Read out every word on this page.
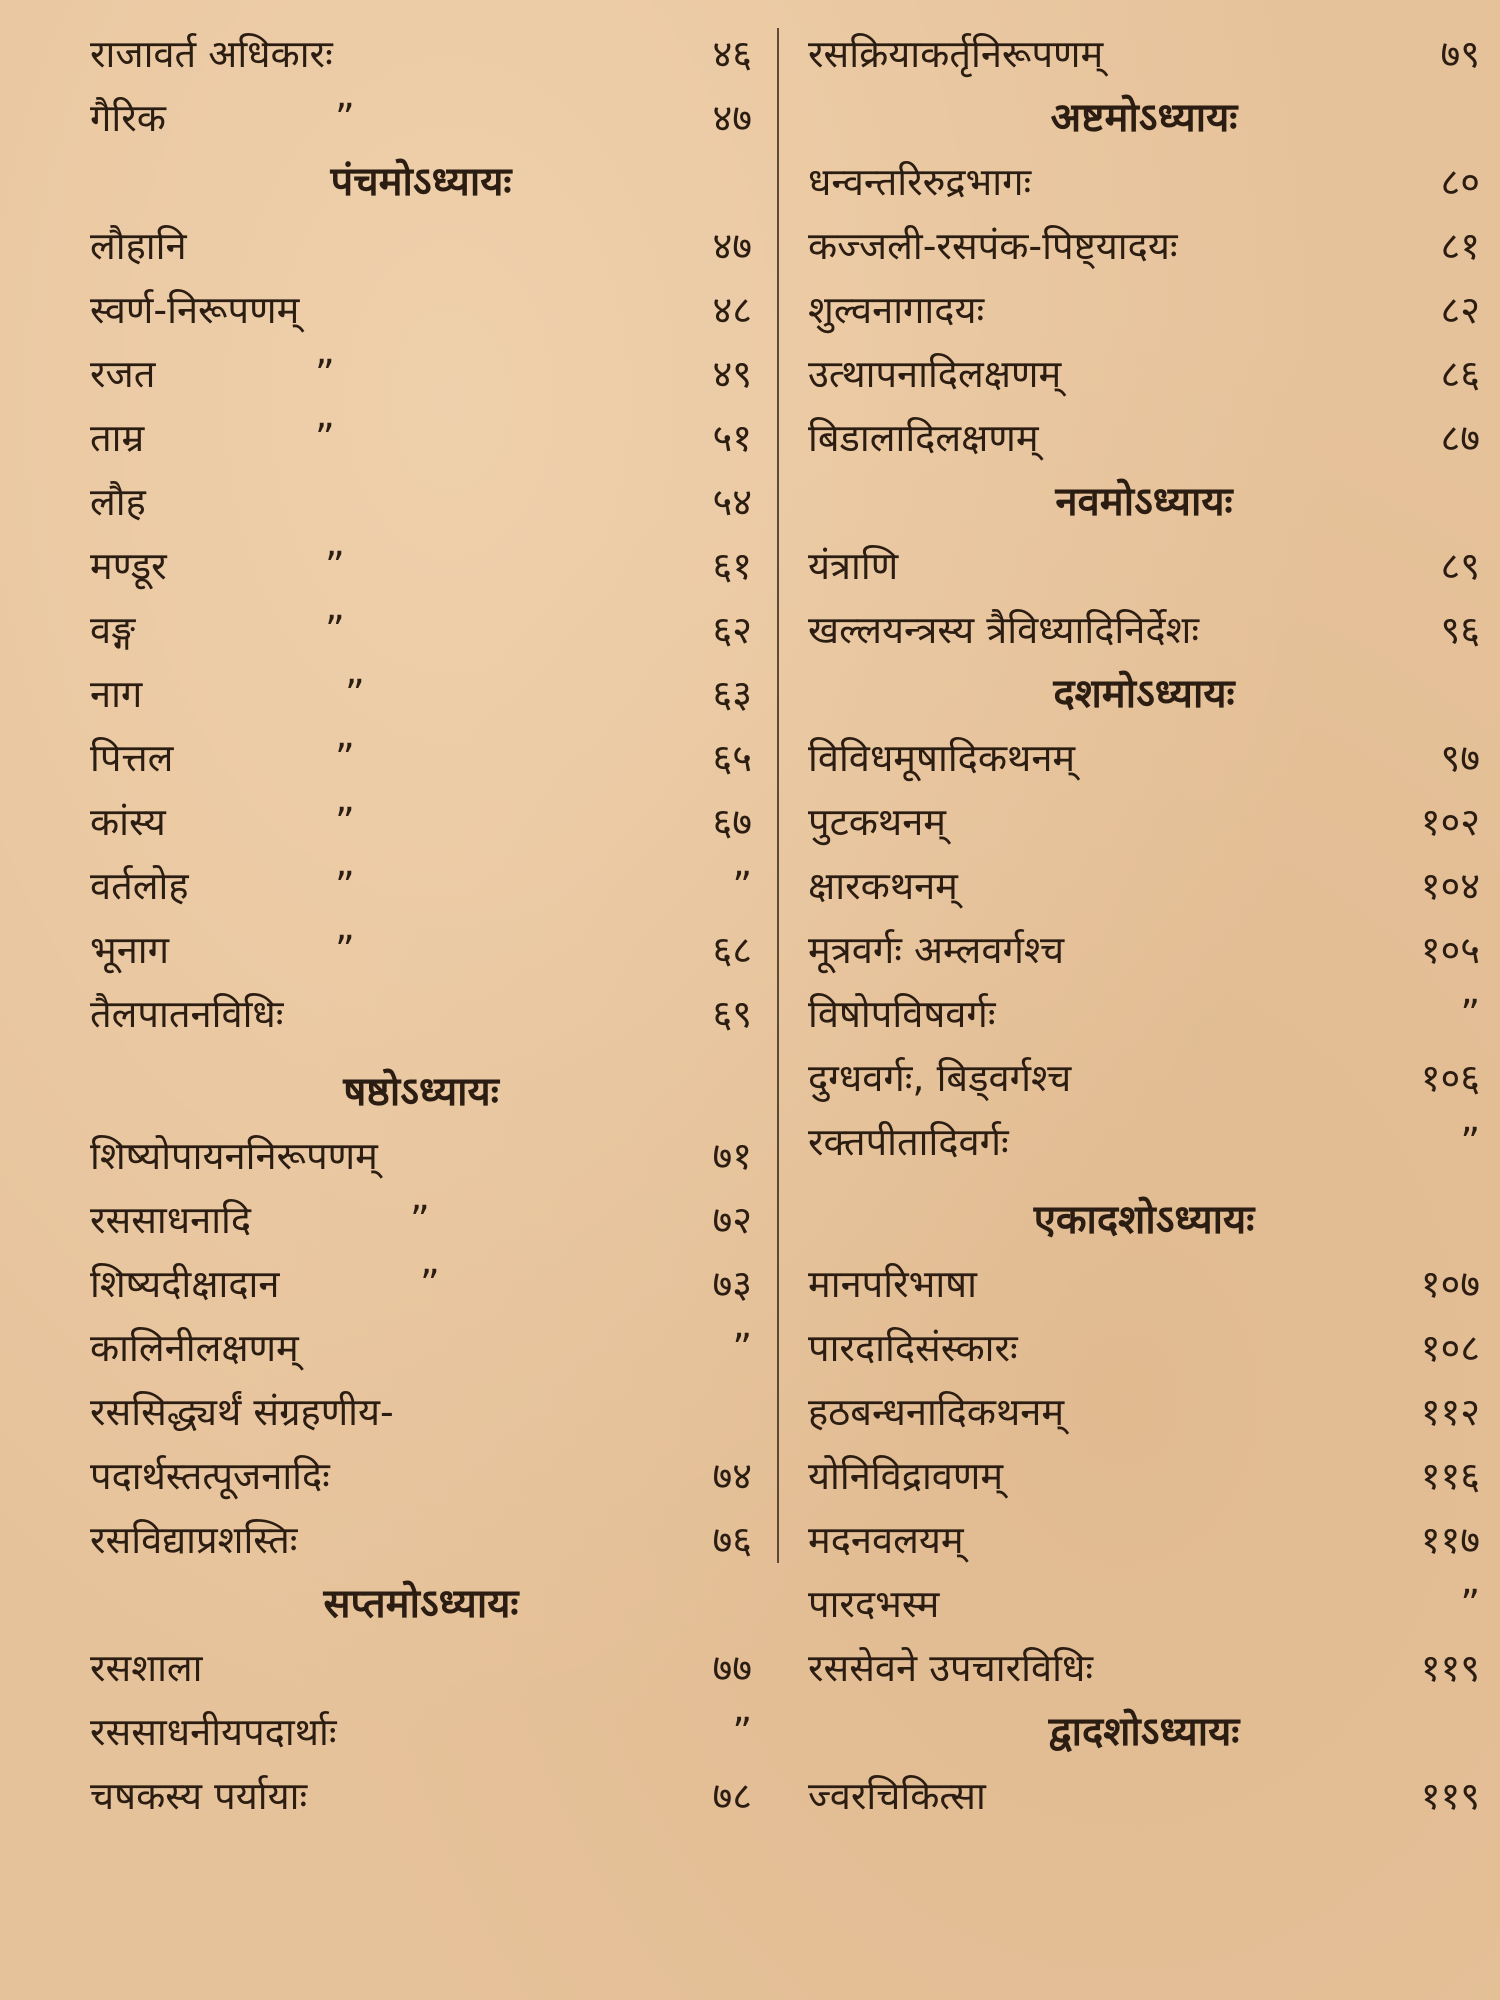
राजावर्त अधिकारः	४६
गैरिक	”	४७
पंचमोऽध्यायः
लौहानि	४७
स्वर्ण-निरूपणम्	४८
रजत	”	४९
ताम्र	”	५१
लौह	५४
मण्डूर	”	६१
वङ्ग	”	६२
नाग	”	६३
पित्तल	”	६५
कांस्य	”	६७
वर्तलोह	”	”
भूनाग	”	६८
तैलपातनविधिः	६९
षष्ठोऽध्यायः
शिष्योपायननिरूपणम्	७१
रससाधनादि	”	७२
शिष्यदीक्षादान	”	७३
कालिनीलक्षणम्	”
रससिद्ध्यर्थं संग्रहणीय-
पदार्थस्तत्पूजनादिः	७४
रसविद्याप्रशस्तिः	७६
सप्तमोऽध्यायः
रसशाला	७७
रससाधनीयपदार्थाः	”
चषकस्य पर्यायाः	७८
रसक्रियाकर्तृनिरूपणम्	७९
अष्टमोऽध्यायः
धन्वन्तरिरुद्रभागः	८०
कज्जली-रसपंक-पिष्ट्यादयः	८१
शुल्वनागादयः	८२
उत्थापनादिलक्षणम्	८६
बिडालादिलक्षणम्	८७
नवमोऽध्यायः
यंत्राणि	८९
खल्लयन्त्रस्य त्रैविध्यादिनिर्देशः	९६
दशमोऽध्यायः
विविधमूषादिकथनम्	९७
पुटकथनम्	१०२
क्षारकथनम्	१०४
मूत्रवर्गः अम्लवर्गश्च	१०५
विषोपविषवर्गः	”
दुग्धवर्गः, बिड्वर्गश्च	१०६
रक्तपीतादिवर्गः	”
एकादशोऽध्यायः
मानपरिभाषा	१०७
पारदादिसंस्कारः	१०८
हठबन्धनादिकथनम्	११२
योनिविद्रावणम्	११६
मदनवलयम्	११७
पारदभस्म	”
रससेवने उपचारविधिः	११९
द्वादशोऽध्यायः
ज्वरचिकित्सा	११९
